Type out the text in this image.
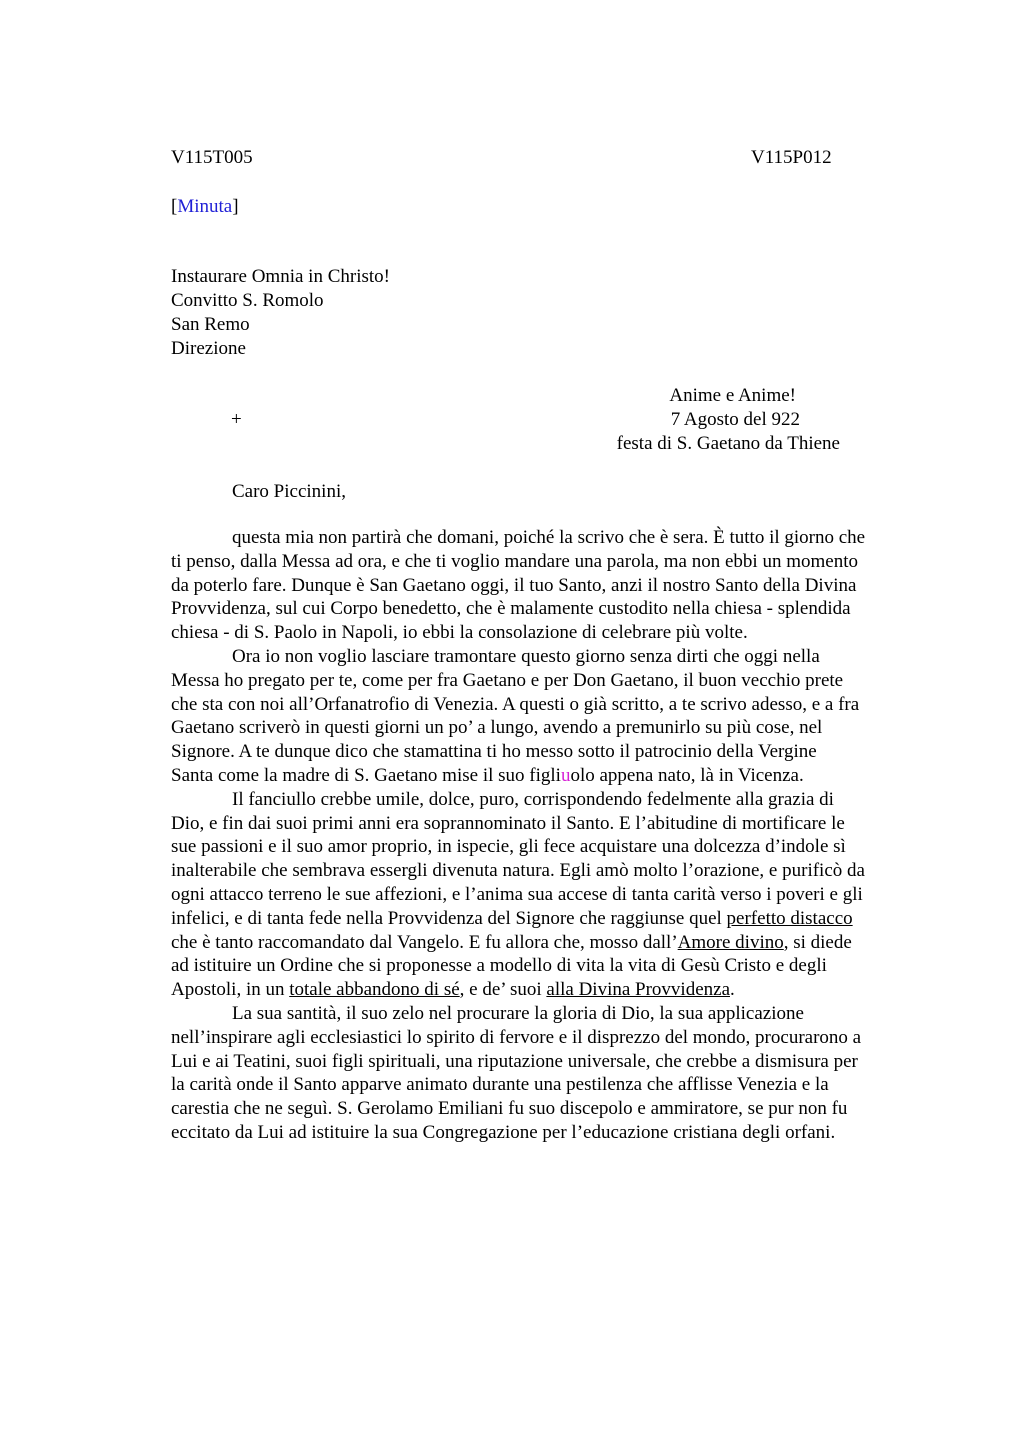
V115T005	V115P012
[Minuta]
Instaurare Omnia in Christo!
Convitto S. Romolo
San Remo
Direzione
+
Anime e Anime!
7 Agosto del 922
festa di S. Gaetano da Thiene
Caro Piccinini,

questa mia non partirà che domani, poiché la scrivo che è sera. È tutto il giorno che
ti penso, dalla Messa ad ora, e che ti voglio mandare una parola, ma non ebbi un momento
da poterlo fare. Dunque è San Gaetano oggi, il tuo Santo, anzi il nostro Santo della Divina
Provvidenza, sul cui Corpo benedetto, che è malamente custodito nella chiesa - splendida
chiesa - di S. Paolo in Napoli, io ebbi la consolazione di celebrare più volte.

Ora io non voglio lasciare tramontare questo giorno senza dirti che oggi nella
Messa ho pregato per te, come per fra Gaetano e per Don Gaetano, il buon vecchio prete
che sta con noi all’Orfanatrofio di Venezia. A questi o già scritto, a te scrivo adesso, e a fra
Gaetano scriverò in questi giorni un po’ a lungo, avendo a premunirlo su più cose, nel
Signore. A te dunque dico che stamattina ti ho messo sotto il patrocinio della Vergine
Santa come la madre di S. Gaetano mise il suo figliuolo appena nato, là in Vicenza.

Il fanciullo crebbe umile, dolce, puro, corrispondendo fedelmente alla grazia di
Dio, e fin dai suoi primi anni era soprannominato il Santo. E l’abitudine di mortificare le
sue passioni e il suo amor proprio, in ispecie, gli fece acquistare una dolcezza d’indole sì
inalterabile che sembrava essergli divenuta natura. Egli amò molto l’orazione, e purificò da
ogni attacco terreno le sue affezioni, e l’anima sua accese di tanta carità verso i poveri e gli
infelici, e di tanta fede nella Provvidenza del Signore che raggiunse quel perfetto distacco
che è tanto raccomandato dal Vangelo. E fu allora che, mosso dall’Amore divino, si diede
ad istituire un Ordine che si proponesse a modello di vita la vita di Gesù Cristo e degli
Apostoli, in un totale abbandono di sé, e de’ suoi alla Divina Provvidenza.

La sua santità, il suo zelo nel procurare la gloria di Dio, la sua applicazione
nell’inspirare agli ecclesiastici lo spirito di fervore e il disprezzo del mondo, procurarono a
Lui e ai Teatini, suoi figli spirituali, una riputazione universale, che crebbe a dismisura per
la carità onde il Santo apparve animato durante una pestilenza che afflisse Venezia e la
carestia che ne seguì. S. Gerolamo Emiliani fu suo discepolo e ammiratore, se pur non fu
eccitato da Lui ad istituire la sua Congregazione per l’educazione cristiana degli orfani.
